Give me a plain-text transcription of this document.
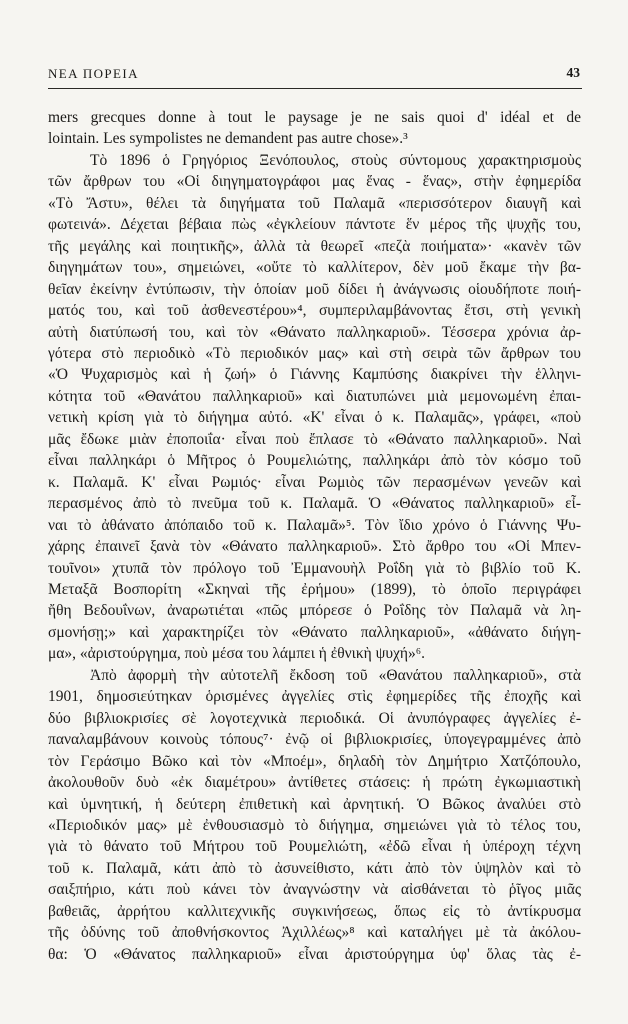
ΝΕΑ ΠΟΡΕΙΑ	43
mers grecques donne à tout le paysage je ne sais quoi d' idéal et de
lointain. Les sympolistes ne demandent pas autre chose».³
Τὸ 1896 ὁ Γρηγόριος Ξενόπουλος, στοὺς σύντομους χαρακτηρισμοὺς
τῶν ἄρθρων του «Οἱ διηγηματογράφοι μας ἕνας - ἕνας», στὴν ἐφημερίδα
«Τὸ Ἄστυ», θέλει τὰ διηγήματα τοῦ Παλαμᾶ «περισσότερον διαυγῆ καὶ
φωτεινά». Δέχεται βέβαια πὼς «ἐγκλείουν πάντοτε ἕν μέρος τῆς ψυχῆς του,
τῆς μεγάλης καὶ ποιητικῆς», ἀλλὰ τὰ θεωρεῖ «πεζὰ ποιήματα»· «κανὲν τῶν
διηγημάτων του», σημειώνει, «οὔτε τὸ καλλίτερον, δὲν μοῦ ἔκαμε τὴν βα-
θεῖαν ἐκείνην ἐντύπωσιν, τὴν ὁποίαν μοῦ δίδει ἡ ἀνάγνωσις οἱουδήποτε ποιή-
ματός του, καὶ τοῦ ἀσθενεστέρου»⁴, συμπεριλαμβάνοντας ἔτσι, στὴ γενικὴ
αὐτὴ διατύπωσή του, καὶ τὸν «Θάνατο παλληκαριοῦ». Τέσσερα χρόνια ἀρ-
γότερα στὸ περιοδικὸ «Τὸ περιοδικόν μας» καὶ στὴ σειρὰ τῶν ἄρθρων του
«Ὁ Ψυχαρισμὸς καὶ ἡ ζωή» ὁ Γιάννης Καμπύσης διακρίνει τὴν ἑλληνι-
κότητα τοῦ «Θανάτου παλληκαριοῦ» καὶ διατυπώνει μιὰ μεμονωμένη ἐπαι-
νετικὴ κρίση γιὰ τὸ διήγημα αὐτό. «Κ' εἶναι ὁ κ. Παλαμᾶς», γράφει, «ποὺ
μᾶς ἔδωκε μιὰν ἐποποιΐα· εἶναι ποὺ ἔπλασε τὸ «Θάνατο παλληκαριοῦ». Ναὶ
εἶναι παλληκάρι ὁ Μῆτρος ὁ Ρουμελιώτης, παλληκάρι ἀπὸ τὸν κόσμο τοῦ
κ. Παλαμᾶ. Κ' εἶναι Ρωμιός· εἶναι Ρωμιὸς τῶν περασμένων γενεῶν καὶ
περασμένος ἀπὸ τὸ πνεῦμα τοῦ κ. Παλαμᾶ. Ὁ «Θάνατος παλληκαριοῦ» εἶ-
ναι τὸ ἀθάνατο ἀπόπαιδο τοῦ κ. Παλαμᾶ»⁵. Τὸν ἴδιο χρόνο ὁ Γιάννης Ψυ-
χάρης ἐπαινεῖ ξανὰ τὸν «Θάνατο παλληκαριοῦ». Στὸ ἄρθρο του «Οἱ Μπεν-
τουῖνοι» χτυπᾶ τὸν πρόλογο τοῦ Ἐμμανουὴλ Ροΐδη γιὰ τὸ βιβλίο τοῦ Κ.
Μεταξᾶ Βοσπορίτη «Σκηναὶ τῆς ἐρήμου» (1899), τὸ ὁποῖο περιγράφει
ἤθη Βεδουΐνων, ἀναρωτιέται «πῶς μπόρεσε ὁ Ροΐδης τὸν Παλαμᾶ νὰ λη-
σμονήσῃ;» καὶ χαρακτηρίζει τὸν «Θάνατο παλληκαριοῦ», «ἀθάνατο διήγη-
μα», «ἀριστούργημα, ποὺ μέσα του λάμπει ἡ ἐθνικὴ ψυχή»⁶.
Ἀπὸ ἀφορμὴ τὴν αὐτοτελῆ ἔκδοση τοῦ «Θανάτου παλληκαριοῦ», στὰ
1901, δημοσιεύτηκαν ὁρισμένες ἀγγελίες στὶς ἐφημερίδες τῆς ἐποχῆς καὶ
δύο βιβλιοκρισίες σὲ λογοτεχνικὰ περιοδικά. Οἱ ἀνυπόγραφες ἀγγελίες ἐ-
παναλαμβάνουν κοινοὺς τόπους⁷· ἐνῷ οἱ βιβλιοκρισίες, ὑπογεγραμμένες ἀπὸ
τὸν Γεράσιμο Βῶκο καὶ τὸν «Μποέμ», δηλαδὴ τὸν Δημήτριο Χατζόπουλο,
ἀκολουθοῦν δυὸ «ἐκ διαμέτρου» ἀντίθετες στάσεις: ἡ πρώτη ἐγκωμιαστικὴ
καὶ ὑμνητική, ἡ δεύτερη ἐπιθετικὴ καὶ ἀρνητική. Ὁ Βῶκος ἀναλύει στὸ
«Περιοδικόν μας» μὲ ἐνθουσιασμὸ τὸ διήγημα, σημειώνει γιὰ τὸ τέλος του,
γιὰ τὸ θάνατο τοῦ Μήτρου τοῦ Ρουμελιώτη, «ἐδῶ εἶναι ἡ ὑπέροχη τέχνη
τοῦ κ. Παλαμᾶ, κάτι ἀπὸ τὸ ἀσυνείθιστο, κάτι ἀπὸ τὸν ὑψηλὸν καὶ τὸ
σαιξπήριο, κάτι ποὺ κάνει τὸν ἀναγνώστην νὰ αἰσθάνεται τὸ ῥῖγος μιᾶς
βαθειᾶς, ἀρρήτου καλλιτεχνικῆς συγκινήσεως, ὅπως εἰς τὸ ἀντίκρυσμα
τῆς ὀδύνης τοῦ ἀποθνήσκοντος Ἀχιλλέως»⁸ καὶ καταλήγει μὲ τὰ ἀκόλου-
θα: Ὁ «Θάνατος παλληκαριοῦ» εἶναι ἀριστούργημα ὑφ' ὅλας τὰς ἐ-
